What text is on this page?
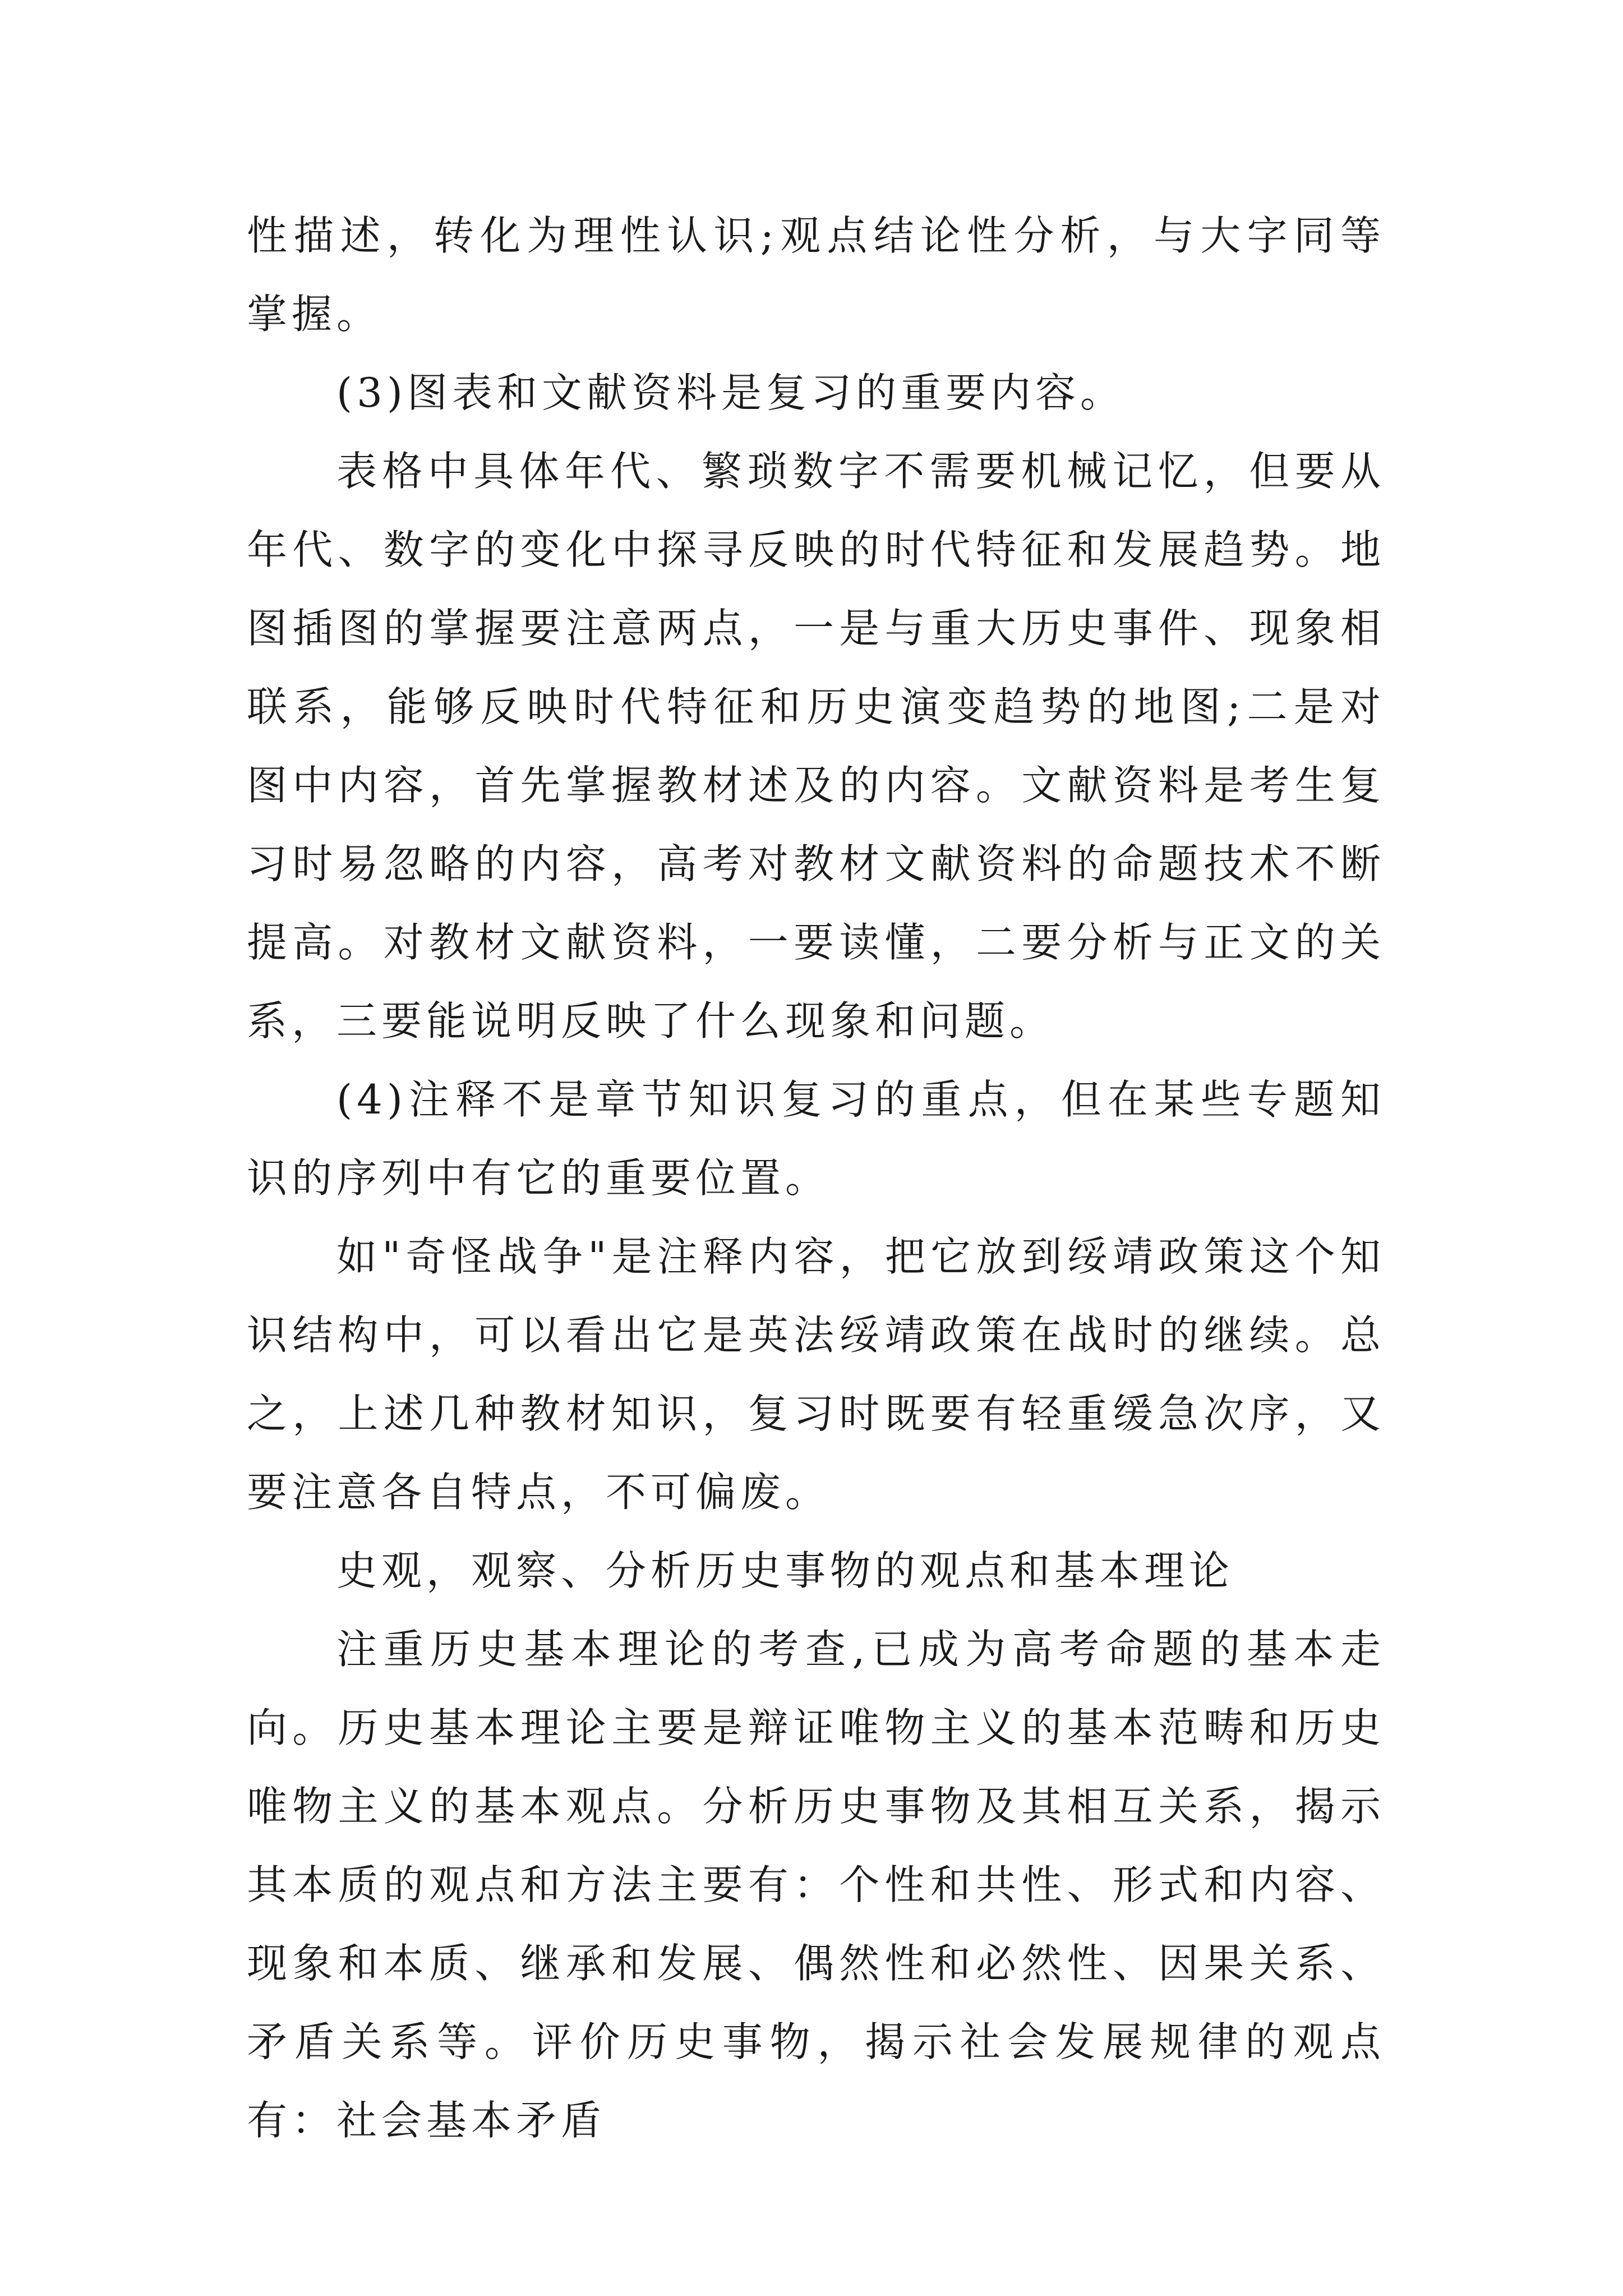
性描述，转化为理性认识;观点结论性分析，与大字同等掌握。

(3)图表和文献资料是复习的重要内容。

表格中具体年代、繁琐数字不需要机械记忆，但要从年代、数字的变化中探寻反映的时代特征和发展趋势。地图插图的掌握要注意两点，一是与重大历史事件、现象相联系，能够反映时代特征和历史演变趋势的地图;二是对图中内容，首先掌握教材述及的内容。文献资料是考生复习时易忽略的内容，高考对教材文献资料的命题技术不断提高。对教材文献资料，一要读懂，二要分析与正文的关系，三要能说明反映了什么现象和问题。

(4)注释不是章节知识复习的重点，但在某些专题知识的序列中有它的重要位置。

如"奇怪战争"是注释内容，把它放到绥靖政策这个知识结构中，可以看出它是英法绥靖政策在战时的继续。总之，上述几种教材知识，复习时既要有轻重缓急次序，又要注意各自特点，不可偏废。

史观，观察、分析历史事物的观点和基本理论

注重历史基本理论的考查,已成为高考命题的基本走向。历史基本理论主要是辩证唯物主义的基本范畴和历史唯物主义的基本观点。分析历史事物及其相互关系，揭示其本质的观点和方法主要有：个性和共性、形式和内容、现象和本质、继承和发展、偶然性和必然性、因果关系、矛盾关系等。评价历史事物，揭示社会发展规律的观点有：社会基本矛盾
